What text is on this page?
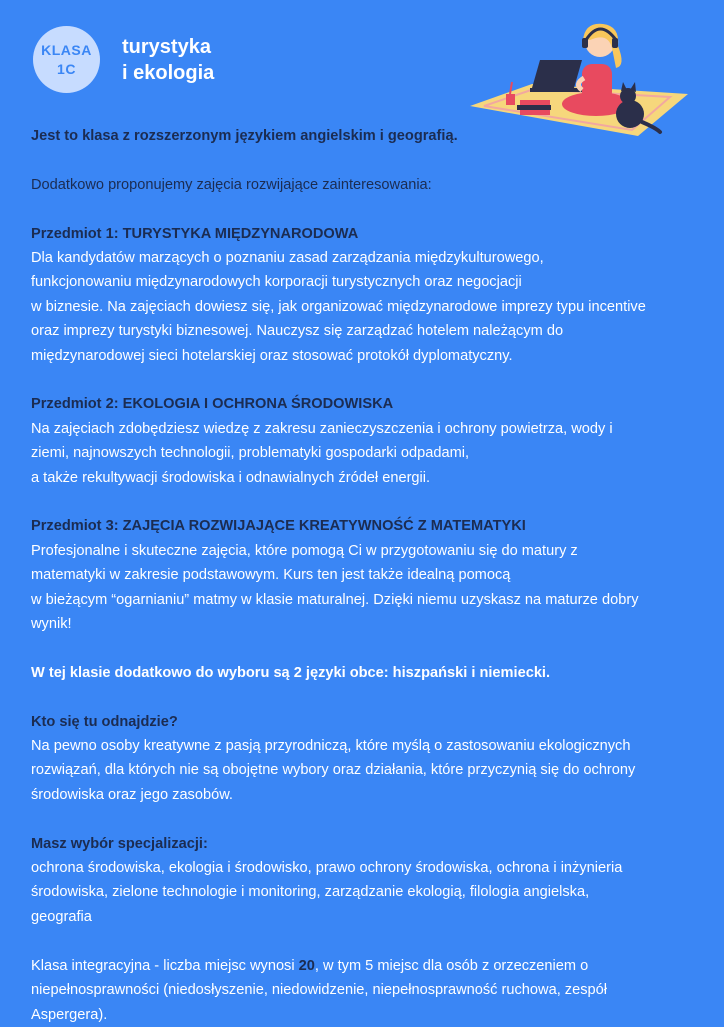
KLASA
1C
turystyka
i ekologia

Jest to klasa z rozszerzonym językiem angielskim i geografią.

Dodatkowo proponujemy zajęcia rozwijające zainteresowania:

Przedmiot 1: TURYSTYKA MIĘDZYNARODOWA

Dla kandydatów marzących o poznaniu zasad zarządzania międzykulturowego,

funkcjonowaniu międzynarodowych korporacji turystycznych oraz negocjacji

w biznesie. Na zajęciach dowiesz się, jak organizować międzynarodowe imprezy typu incentive

oraz imprezy turystyki biznesowej. Nauczysz się zarządzać hotelem należącym do

międzynarodowej sieci hotelarskiej oraz stosować protokół dyplomatyczny.

Przedmiot 2: EKOLOGIA I OCHRONA ŚRODOWISKA

Na zajęciach zdobędziesz wiedzę z zakresu zanieczyszczenia i ochrony powietrza, wody i

ziemi, najnowszych technologii, problematyki gospodarki odpadami,

a także rekultywacji środowiska i odnawialnych źródeł energii.

Przedmiot 3: ZAJĘCIA ROZWIJAJĄCE KREATYWNOŚĆ Z MATEMATYKI

Profesjonalne i skuteczne zajęcia, które pomogą Ci w przygotowaniu się do matury z

matematyki w zakresie podstawowym. Kurs ten jest także idealną pomocą

w bieżącym “ogarnianiu” matmy w klasie maturalnej. Dzięki niemu uzyskasz na maturze dobry

wynik!

W tej klasie dodatkowo do wyboru są 2 języki obce: hiszpański i niemiecki.

Kto się tu odnajdzie?

Na pewno osoby kreatywne z pasją przyrodniczą, które myślą o zastosowaniu ekologicznych

rozwiązań, dla których nie są obojętne wybory oraz działania, które przyczynią się do ochrony

środowiska oraz jego zasobów.

Masz wybór specjalizacji:

ochrona środowiska, ekologia i środowisko, prawo ochrony środowiska, ochrona i inżynieria

środowiska, zielone technologie i monitoring, zarządzanie ekologią, filologia angielska,

geografia

Klasa integracyjna - liczba miejsc wynosi 20, w tym 5 miejsc dla osób z orzeczeniem o

niepełnosprawności (niedosłyszenie, niedowidzenie, niepełnosprawność ruchowa, zespół

Aspergera).
